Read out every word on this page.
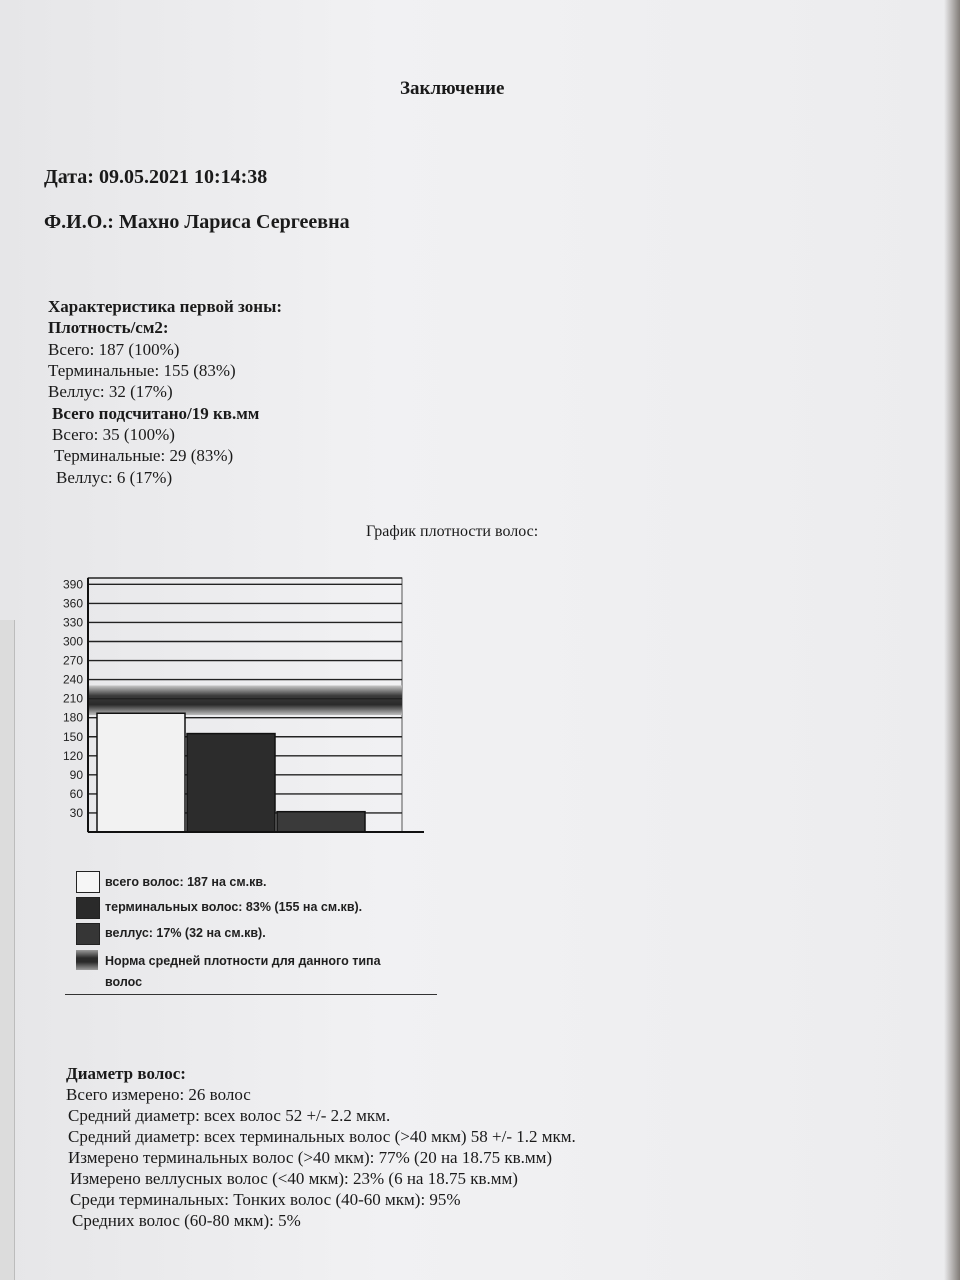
Заключение
Дата: 09.05.2021 10:14:38
Ф.И.О.: Махно Лариса Сергеевна
Характеристика первой зоны:
Плотность/см2:
Всего: 187 (100%)
Терминальные: 155 (83%)
Веллус: 32 (17%)
Всего подсчитано/19 кв.мм
Всего: 35 (100%)
Терминальные: 29 (83%)
Веллус: 6 (17%)
График плотности волос:
30
60
90
120
150
180
210
240
270
300
330
360
390
всего волос: 187 на см.кв.
терминальных волос: 83% (155 на см.кв).
веллус: 17% (32 на см.кв).
Норма средней плотности для данного типа волос
Диаметр волос:
Всего измерено: 26 волос
Средний диаметр: всех волос 52 +/- 2.2 мкм.
Средний диаметр: всех терминальных волос (>40 мкм) 58 +/- 1.2 мкм.
Измерено терминальных волос (>40 мкм): 77% (20 на 18.75 кв.мм)
Измерено веллусных волос (<40 мкм): 23% (6 на 18.75 кв.мм)
Среди терминальных: Тонких волос (40-60 мкм): 95%
Средних волос (60-80 мкм): 5%
